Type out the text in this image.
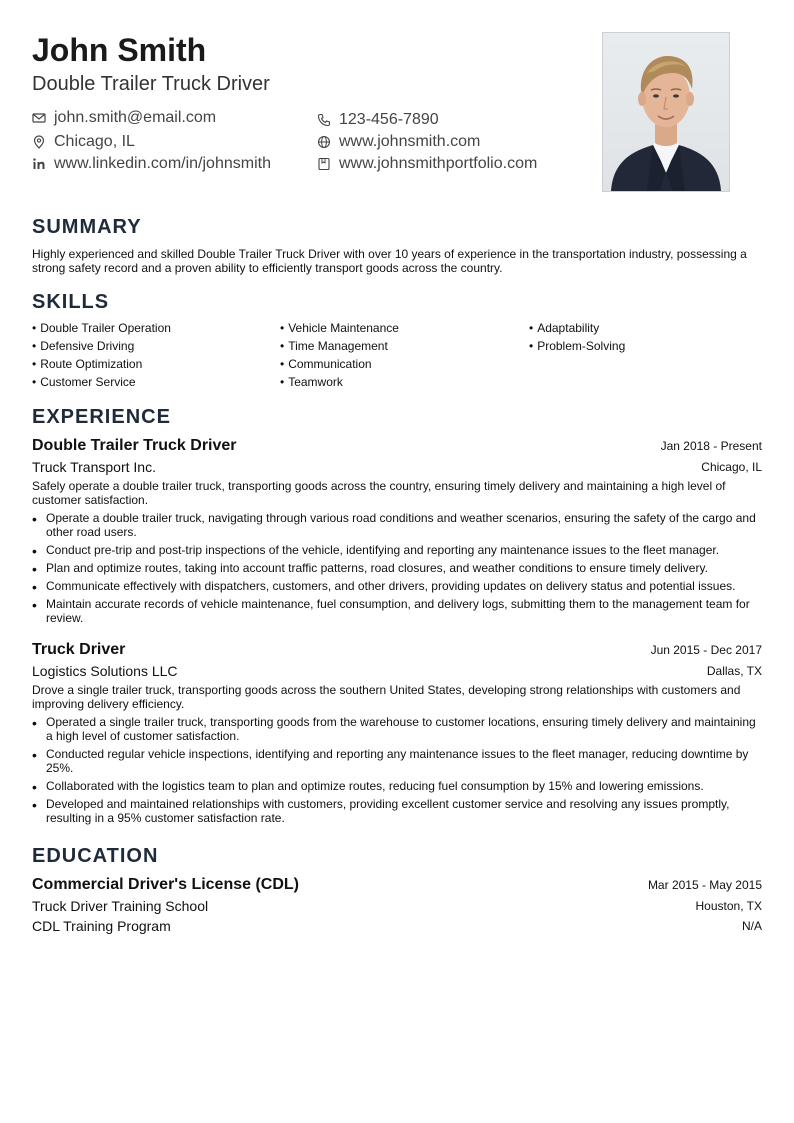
John Smith
Double Trailer Truck Driver
john.smith@email.com	123-456-7890
Chicago, IL	www.johnsmith.com
www.linkedin.com/in/johnsmith	www.johnsmithportfolio.com
SUMMARY
Highly experienced and skilled Double Trailer Truck Driver with over 10 years of experience in the transportation industry, possessing a strong safety record and a proven ability to efficiently transport goods across the country.
SKILLS
• Double Trailer Operation
• Defensive Driving
• Route Optimization
• Customer Service
• Vehicle Maintenance
• Time Management
• Communication
• Teamwork
• Adaptability
• Problem-Solving
EXPERIENCE
Double Trailer Truck Driver	Jan 2018 - Present
Truck Transport Inc.	Chicago, IL
Safely operate a double trailer truck, transporting goods across the country, ensuring timely delivery and maintaining a high level of customer satisfaction.
• Operate a double trailer truck, navigating through various road conditions and weather scenarios, ensuring the safety of the cargo and other road users.
• Conduct pre-trip and post-trip inspections of the vehicle, identifying and reporting any maintenance issues to the fleet manager.
• Plan and optimize routes, taking into account traffic patterns, road closures, and weather conditions to ensure timely delivery.
• Communicate effectively with dispatchers, customers, and other drivers, providing updates on delivery status and potential issues.
• Maintain accurate records of vehicle maintenance, fuel consumption, and delivery logs, submitting them to the management team for review.
Truck Driver	Jun 2015 - Dec 2017
Logistics Solutions LLC	Dallas, TX
Drove a single trailer truck, transporting goods across the southern United States, developing strong relationships with customers and improving delivery efficiency.
• Operated a single trailer truck, transporting goods from the warehouse to customer locations, ensuring timely delivery and maintaining a high level of customer satisfaction.
• Conducted regular vehicle inspections, identifying and reporting any maintenance issues to the fleet manager, reducing downtime by 25%.
• Collaborated with the logistics team to plan and optimize routes, reducing fuel consumption by 15% and lowering emissions.
• Developed and maintained relationships with customers, providing excellent customer service and resolving any issues promptly, resulting in a 95% customer satisfaction rate.
EDUCATION
Commercial Driver's License (CDL)	Mar 2015 - May 2015
Truck Driver Training School	Houston, TX
CDL Training Program	N/A
